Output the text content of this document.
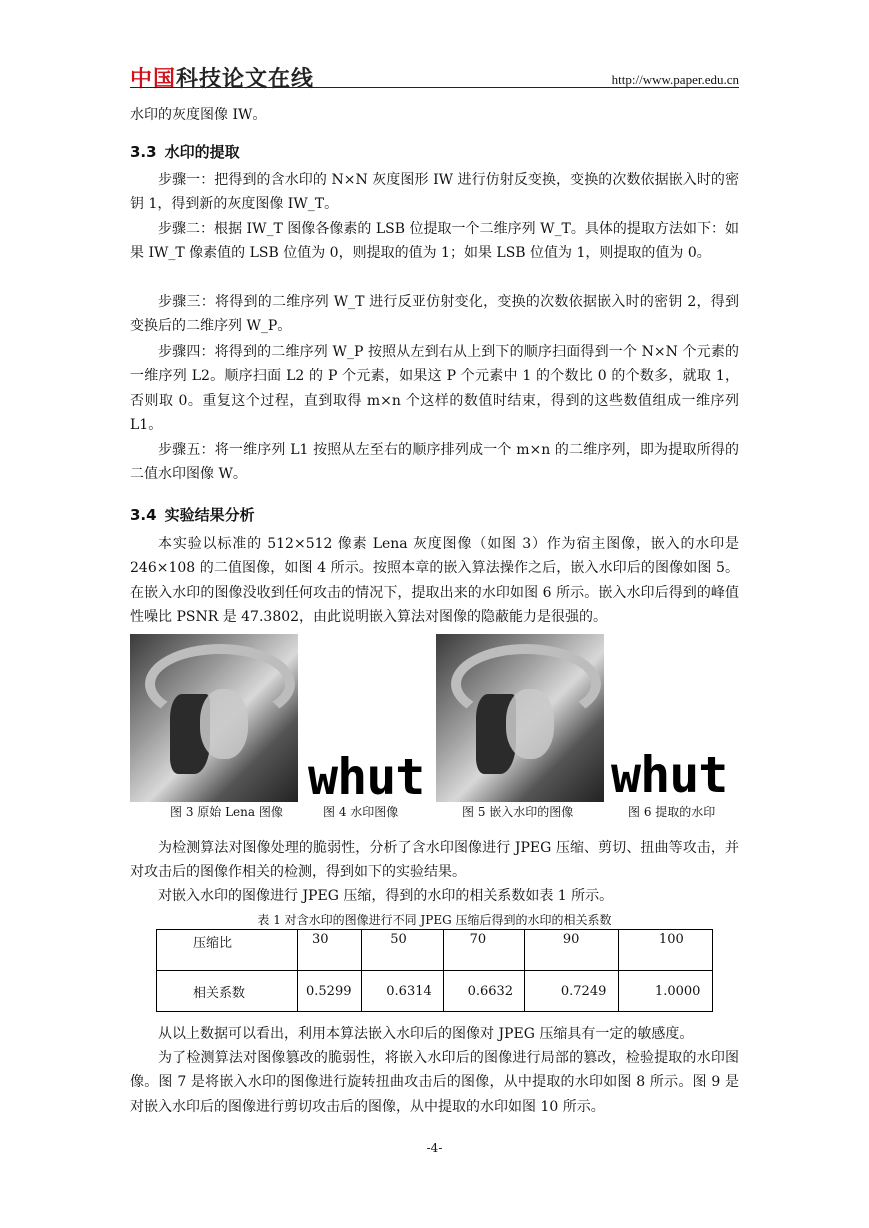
中国科技论文在线	http://www.paper.edu.cn

水印的灰度图像 IW。

3.3 水印的提取

步骤一：把得到的含水印的 N×N 灰度图形 IW 进行仿射反变换，变换的次数依据嵌入时的密钥 1，得到新的灰度图像 IW_T。

步骤二：根据 IW_T 图像各像素的 LSB 位提取一个二维序列 W_T。具体的提取方法如下：如果 IW_T 像素值的 LSB 位值为 0，则提取的值为 1；如果 LSB 位值为 1，则提取的值为 0。

步骤三：将得到的二维序列 W_T 进行反亚仿射变化，变换的次数依据嵌入时的密钥 2，得到变换后的二维序列 W_P。

步骤四：将得到的二维序列 W_P 按照从左到右从上到下的顺序扫面得到一个 N×N 个元素的一维序列 L2。顺序扫面 L2 的 P 个元素，如果这 P 个元素中 1 的个数比 0 的个数多，就取 1，否则取 0。重复这个过程，直到取得 m×n 个这样的数值时结束，得到的这些数值组成一维序列 L1。

步骤五：将一维序列 L1 按照从左至右的顺序排列成一个 m×n 的二维序列，即为提取所得的二值水印图像 W。

3.4 实验结果分析

本实验以标准的 512×512 像素 Lena 灰度图像（如图 3）作为宿主图像，嵌入的水印是 246×108 的二值图像，如图 4 所示。按照本章的嵌入算法操作之后，嵌入水印后的图像如图 5。在嵌入水印的图像没收到任何攻击的情况下，提取出来的水印如图 6 所示。嵌入水印后得到的峰值性噪比 PSNR 是 47.3802，由此说明嵌入算法对图像的隐蔽能力是很强的。

whut	whut
图 3 原始 Lena 图像	图 4 水印图像	图 5 嵌入水印的图像	图 6 提取的水印

为检测算法对图像处理的脆弱性，分析了含水印图像进行 JPEG 压缩、剪切、扭曲等攻击，并对攻击后的图像作相关的检测，得到如下的实验结果。

对嵌入水印的图像进行 JPEG 压缩，得到的水印的相关系数如表 1 所示。

表 1 对含水印的图像进行不同 JPEG 压缩后得到的水印的相关系数
压缩比	30	50	70	90	100
相关系数	0.5299	0.6314	0.6632	0.7249	1.0000

从以上数据可以看出，利用本算法嵌入水印后的图像对 JPEG 压缩具有一定的敏感度。

为了检测算法对图像篡改的脆弱性，将嵌入水印后的图像进行局部的篡改，检验提取的水印图像。图 7 是将嵌入水印的图像进行旋转扭曲攻击后的图像，从中提取的水印如图 8 所示。图 9 是对嵌入水印后的图像进行剪切攻击后的图像，从中提取的水印如图 10 所示。

-4-
